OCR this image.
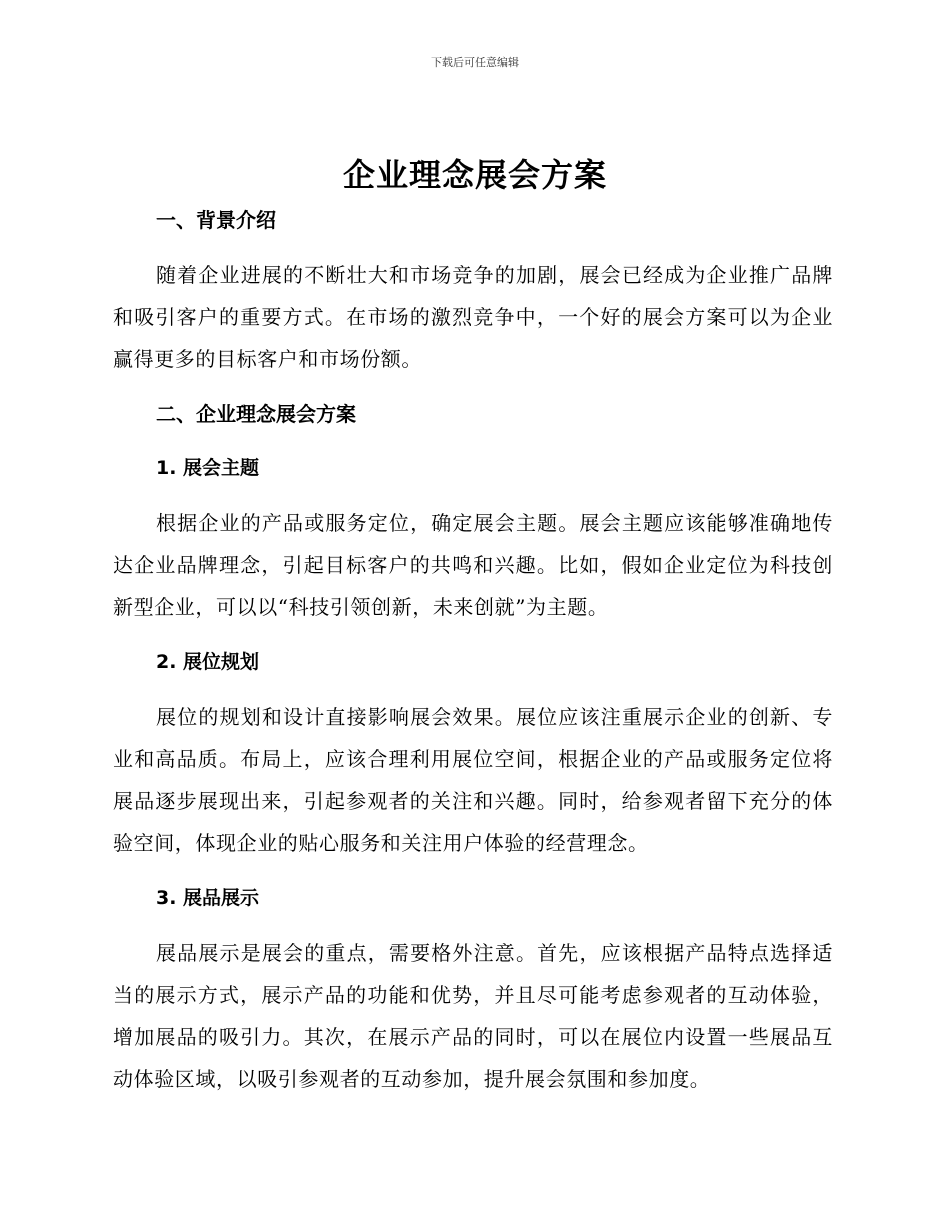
下载后可任意编辑
企业理念展会方案
一、背景介绍

随着企业进展的不断壮大和市场竞争的加剧，展会已经成为企业推广品牌和吸引客户的重要方式。在市场的激烈竞争中，一个好的展会方案可以为企业赢得更多的目标客户和市场份额。

二、企业理念展会方案
1. 展会主题

根据企业的产品或服务定位，确定展会主题。展会主题应该能够准确地传达企业品牌理念，引起目标客户的共鸣和兴趣。比如，假如企业定位为科技创新型企业，可以以“科技引领创新，未来创就”为主题。

2. 展位规划

展位的规划和设计直接影响展会效果。展位应该注重展示企业的创新、专业和高品质。布局上，应该合理利用展位空间，根据企业的产品或服务定位将展品逐步展现出来，引起参观者的关注和兴趣。同时，给参观者留下充分的体验空间，体现企业的贴心服务和关注用户体验的经营理念。

3. 展品展示

展品展示是展会的重点，需要格外注意。首先，应该根据产品特点选择适当的展示方式，展示产品的功能和优势，并且尽可能考虑参观者的互动体验，增加展品的吸引力。其次，在展示产品的同时，可以在展位内设置一些展品互动体验区域，以吸引参观者的互动参加，提升展会氛围和参加度。
